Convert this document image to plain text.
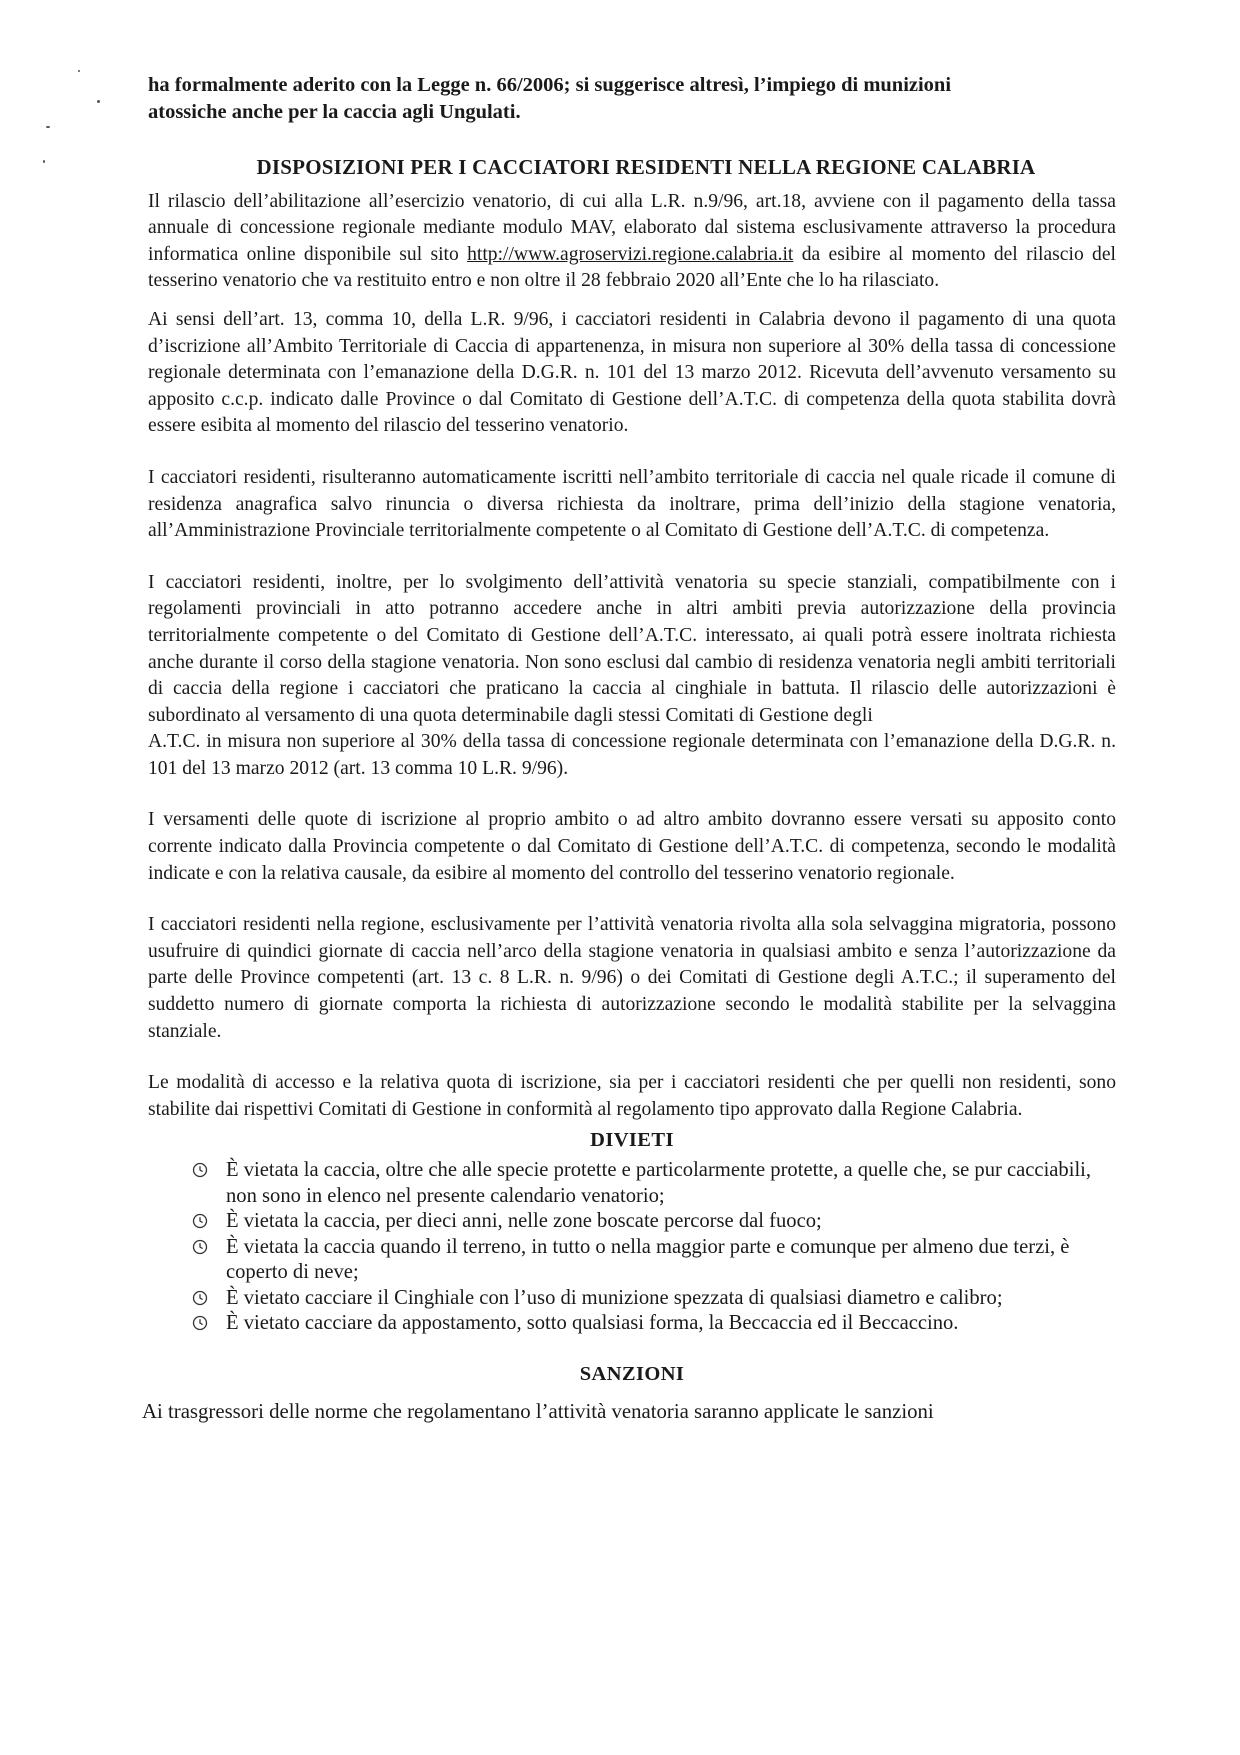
ha formalmente aderito con la Legge n. 66/2006; si suggerisce altresì, l’impiego di munizioni
atossiche anche per la caccia agli Ungulati.

DISPOSIZIONI PER I CACCIATORI RESIDENTI NELLA REGIONE CALABRIA

Il rilascio dell’abilitazione all’esercizio venatorio, di cui alla L.R. n.9/96, art.18, avviene con il pagamento della tassa annuale di concessione regionale mediante modulo MAV, elaborato dal sistema esclusivamente attraverso la procedura informatica online disponibile sul sito http://www.agroservizi.regione.calabria.it da esibire al momento del rilascio del tesserino venatorio che va restituito entro e non oltre il 28 febbraio 2020 all’Ente che lo ha rilasciato.

Ai sensi dell’art. 13, comma 10, della L.R. 9/96, i cacciatori residenti in Calabria devono il pagamento di una quota d’iscrizione all’Ambito Territoriale di Caccia di appartenenza, in misura non superiore al 30% della tassa di concessione regionale determinata con l’emanazione della D.G.R. n. 101 del 13 marzo 2012. Ricevuta dell’avvenuto versamento su apposito c.c.p. indicato dalle Province o dal Comitato di Gestione dell’A.T.C. di competenza della quota stabilita dovrà essere esibita al momento del rilascio del tesserino venatorio.

I cacciatori residenti, risulteranno automaticamente iscritti nell’ambito territoriale di caccia nel quale ricade il comune di residenza anagrafica salvo rinuncia o diversa richiesta da inoltrare, prima dell’inizio della stagione venatoria, all’Amministrazione Provinciale territorialmente competente o al Comitato di Gestione dell’A.T.C. di competenza.

I cacciatori residenti, inoltre, per lo svolgimento dell’attività venatoria su specie stanziali, compatibilmente con i regolamenti provinciali in atto potranno accedere anche in altri ambiti previa autorizzazione della provincia territorialmente competente o del Comitato di Gestione dell’A.T.C. interessato, ai quali potrà essere inoltrata richiesta anche durante il corso della stagione venatoria. Non sono esclusi dal cambio di residenza venatoria negli ambiti territoriali di caccia della regione i cacciatori che praticano la caccia al cinghiale in battuta. Il rilascio delle autorizzazioni è subordinato al versamento di una quota determinabile dagli stessi Comitati di Gestione degli
A.T.C. in misura non superiore al 30% della tassa di concessione regionale determinata con l’emanazione della D.G.R. n. 101 del 13 marzo 2012 (art. 13 comma 10 L.R. 9/96).

I versamenti delle quote di iscrizione al proprio ambito o ad altro ambito dovranno essere versati su apposito conto corrente indicato dalla Provincia competente o dal Comitato di Gestione dell’A.T.C. di competenza, secondo le modalità indicate e con la relativa causale, da esibire al momento del controllo del tesserino venatorio regionale.

I cacciatori residenti nella regione, esclusivamente per l’attività venatoria rivolta alla sola selvaggina migratoria, possono usufruire di quindici giornate di caccia nell’arco della stagione venatoria in qualsiasi ambito e senza l’autorizzazione da parte delle Province competenti (art. 13 c. 8 L.R. n. 9/96) o dei Comitati di Gestione degli A.T.C.; il superamento del suddetto numero di giornate comporta la richiesta di autorizzazione secondo le modalità stabilite per la selvaggina stanziale.

Le modalità di accesso e la relativa quota di iscrizione, sia per i cacciatori residenti che per quelli non residenti, sono stabilite dai rispettivi Comitati di Gestione in conformità al regolamento tipo approvato dalla Regione Calabria.

DIVIETI
È vietata la caccia, oltre che alle specie protette e particolarmente protette, a quelle che, se pur cacciabili, non sono in elenco nel presente calendario venatorio;
È vietata la caccia, per dieci anni, nelle zone boscate percorse dal fuoco;
È vietata la caccia quando il terreno, in tutto o nella maggior parte e comunque per almeno due terzi, è coperto di neve;
È vietato cacciare il Cinghiale con l’uso di munizione spezzata di qualsiasi diametro e calibro;
È vietato cacciare da appostamento, sotto qualsiasi forma, la Beccaccia ed il Beccaccino.
SANZIONI

Ai trasgressori delle norme che regolamentano l’attività venatoria saranno applicate le sanzioni
